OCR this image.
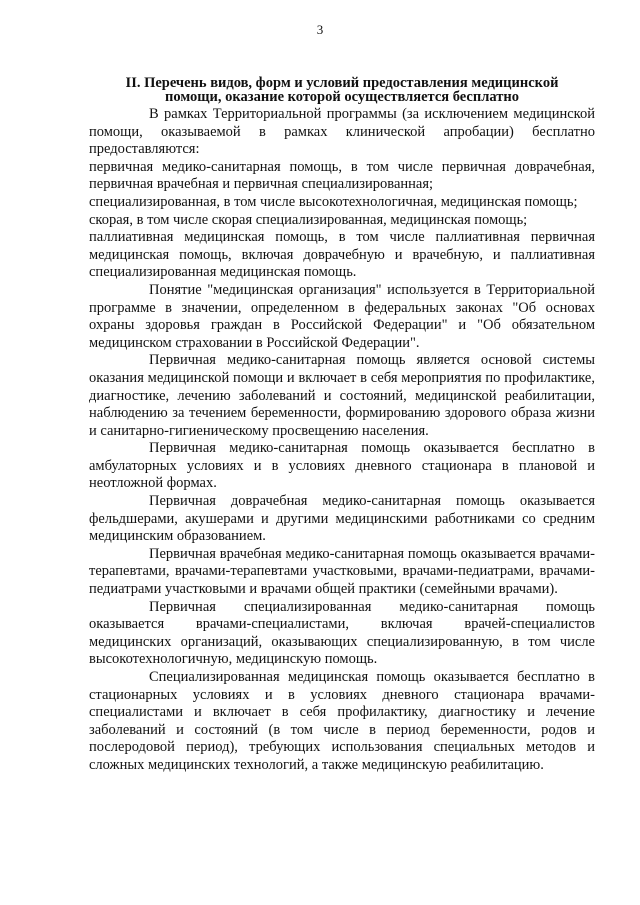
3
II. Перечень видов, форм и условий предоставления медицинской
помощи, оказание которой осуществляется бесплатно

В рамках Территориальной программы (за исключением медицинской помощи, оказываемой в рамках клинической апробации) бесплатно предоставляются:

первичная медико-санитарная помощь, в том числе первичная доврачебная, первичная врачебная и первичная специализированная;

специализированная, в том числе высокотехнологичная, медицинская помощь;

скорая, в том числе скорая специализированная, медицинская помощь;

паллиативная медицинская помощь, в том числе паллиативная первичная медицинская помощь, включая доврачебную и врачебную, и паллиативная специализированная медицинская помощь.

Понятие "медицинская организация" используется в Территориальной программе в значении, определенном в федеральных законах "Об основах охраны здоровья граждан в Российской Федерации" и "Об обязательном медицинском страховании в Российской Федерации".

Первичная медико-санитарная помощь является основой системы оказания медицинской помощи и включает в себя мероприятия по профилактике, диагностике, лечению заболеваний и состояний, медицинской реабилитации, наблюдению за течением беременности, формированию здорового образа жизни и санитарно-гигиеническому просвещению населения.

Первичная медико-санитарная помощь оказывается бесплатно в амбулаторных условиях и в условиях дневного стационара в плановой и неотложной формах.

Первичная доврачебная медико-санитарная помощь оказывается фельдшерами, акушерами и другими медицинскими работниками со средним медицинским образованием.

Первичная врачебная медико-санитарная помощь оказывается врачами-терапевтами, врачами-терапевтами участковыми, врачами-педиатрами, врачами-педиатрами участковыми и врачами общей практики (семейными врачами).

Первичная специализированная медико-санитарная помощь оказывается врачами-специалистами, включая врачей-специалистов медицинских организаций, оказывающих специализированную, в том числе высокотехнологичную, медицинскую помощь.

Специализированная медицинская помощь оказывается бесплатно в стационарных условиях и в условиях дневного стационара врачами-специалистами и включает в себя профилактику, диагностику и лечение заболеваний и состояний (в том числе в период беременности, родов и послеродовой период), требующих использования специальных методов и сложных медицинских технологий, а также медицинскую реабилитацию.
